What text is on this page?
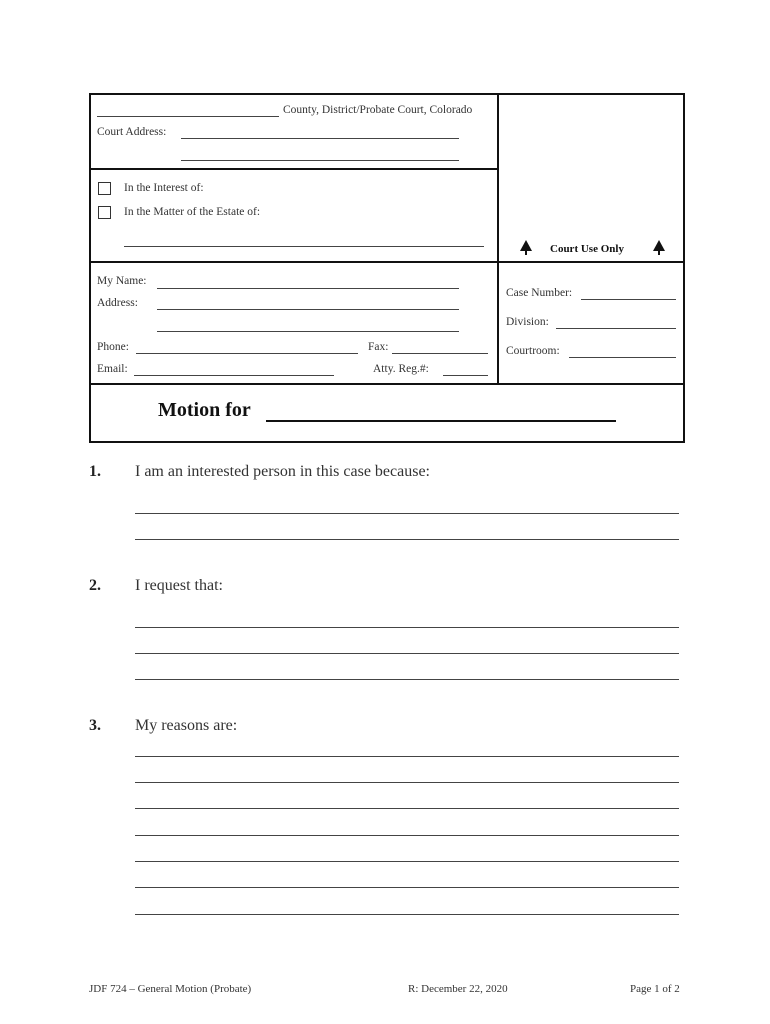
County, District/Probate Court, Colorado
Court Address:
In the Interest of:
In the Matter of the Estate of:
Court Use Only
My Name:
Address:
Phone:	Fax:
Email:	Atty. Reg.#:
Case Number:
Division:
Courtroom:
Motion for
1. I am an interested person in this case because:
2. I request that:
3. My reasons are:
JDF 724 – General Motion (Probate)	R: December 22, 2020	Page 1 of 2
